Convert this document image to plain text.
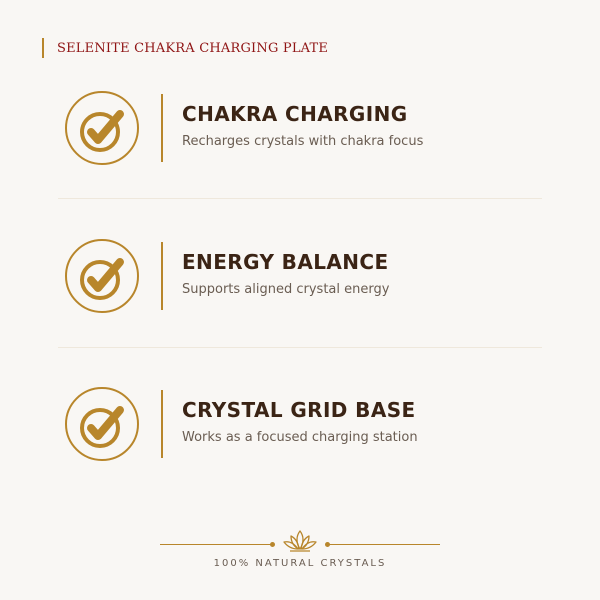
SELENITE CHAKRA CHARGING PLATE
CHAKRA CHARGING
Recharges crystals with chakra focus
ENERGY BALANCE
Supports aligned crystal energy
CRYSTAL GRID BASE
Works as a focused charging station
100% NATURAL CRYSTALS
